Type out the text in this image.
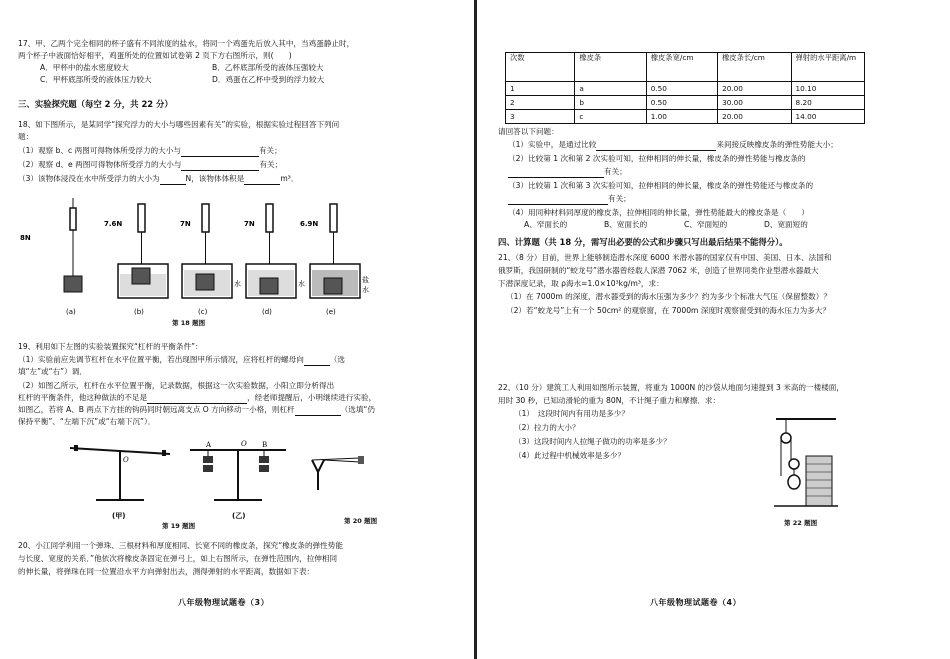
17、甲、乙两个完全相同的杯子盛有不同浓度的盐水，将同一个鸡蛋先后放入其中，当鸡蛋静止时，
两个杯子中液面恰好相平，鸡蛋所处的位置如试卷第 2 页下方右图所示，则(　　)
A．甲杯中的盐水密度较大	B．乙杯底部所受的液体压强较大
C．甲杯底部所受的液体压力较大	D．鸡蛋在乙杯中受到的浮力较大
三、实验探究题（每空 2 分，共 22 分）
18、如下图所示，是某同学“探究浮力的大小与哪些因素有关”的实验，根据实验过程回答下列问
题：
（1）观察 b、c 两图可得物体所受浮力的大小与	有关；
（2）观察 d、e 两图可得物体所受浮力的大小与	有关；
（3）该物体浸没在水中所受浮力的大小为	N，该物体体积是	m³．
8N
(a)
7.6N
(b)
7N
(c)
水
7N
(d)
水
6.9N
(e)
盐
水
第 18 题图
19、利用如下左图的实验装置探究“杠杆的平衡条件”：
（1）实验前应先调节杠杆在水平位置平衡，若出现图甲所示情况，应将杠杆的螺母向	（选
填“左”或“右”）调．
（2）如图乙所示，杠杆在水平位置平衡，记录数据，根据这一次实验数据，小阳立即分析得出
杠杆的平衡条件，他这种做法的不足是	，经老师提醒后，小明继续进行实验，
如图乙，若将 A、B 两点下方挂的钩码同时朝远离支点 O 方向移动一小格，则杠杆	（选填“仍
保持平衡”、“左端下沉”或“右端下沉”）．
O
(甲)
A	O B
(乙)
第 19 题图
第 20 题图
20、小江同学利用一个弹珠、三根材料和厚度相同、长宽不同的橡皮条，探究“橡皮条的弹性势能
与长度、宽度的关系．”他依次将橡皮条固定在弹弓上，如上右图所示，在弹性范围内，拉伸相同
的伸长量，将弹珠在同一位置沿水平方向弹射出去，测得弹射的水平距离，数据如下表：
八年级物理试题卷（3）
次数	橡皮条	橡皮条宽/cm	橡皮条长/cm	弹射的水平距离/m
1	a	0.50	20.00	10.10
2	b	0.50	30.00	8.20
3	c	1.00	20.00	14.00
请回答以下问题：
（1）实验中，是通过比较	来间接反映橡皮条的弹性势能大小；
（2）比较第 1 次和第 2 次实验可知，拉伸相同的伸长量，橡皮条的弹性势能与橡皮条的
有关；
（3）比较第 1 次和第 3 次实验可知，拉伸相同的伸长量，橡皮条的弹性势能还与橡皮条的
有关；
（4）用同种材料同厚度的橡皮条，拉伸相同的伸长量，弹性势能最大的橡皮条是（　　）
A、窄面长的	B、宽面长的	C、窄面短的	D、宽面短的
四、计算题（共 18 分，需写出必要的公式和步骤只写出最后结果不能得分）。
21、（8 分）目前，世界上能够制造潜水深度 6000 米潜水器的国家仅有中国、美国、日本、法国和
俄罗斯，我国研制的“蛟龙号”潜水器曾经载人深潜 7062 米，创造了世界同类作业型潜水器最大
下潜深度记录，取 ρ海水=1.0×10³kg/m³，求：
（1）在 7000m 的深度，潜水器受到的海水压强为多少？约为多少个标准大气压（保留整数）？
（2）若“蛟龙号”上有一个 50cm² 的观察窗，在 7000m 深度时观察窗受到的海水压力为多大？
22、（10 分）建筑工人利用如图所示装置，将重为 1000N 的沙袋从地面匀速提到 3 米高的一楼楼面，
用时 30 秒，已知动滑轮的重为 80N，不计绳子重力和摩擦．求：
（1）　这段时间内有用功是多少？
（2）拉力的大小？
（3）这段时间内人拉绳子做功的功率是多少？
（4）此过程中机械效率是多少？
第 22 题图
八年级物理试题卷（4）
